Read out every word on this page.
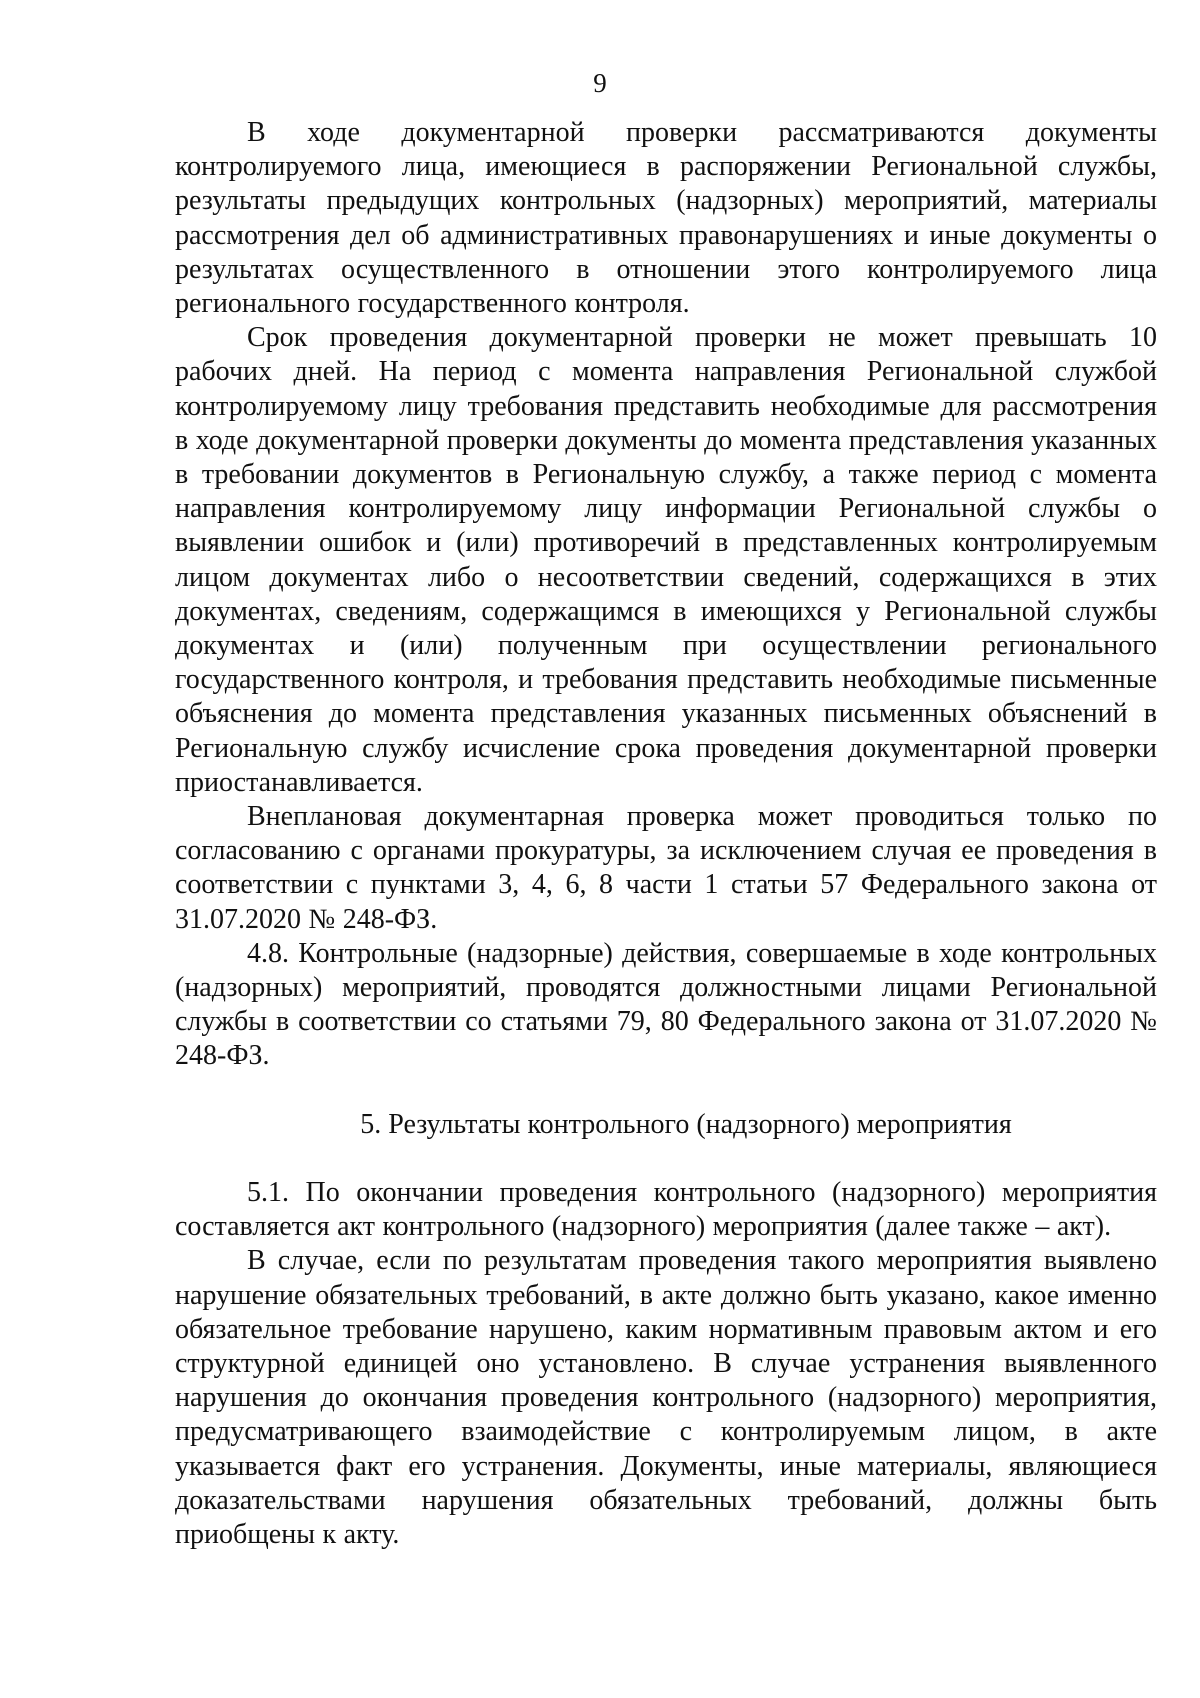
9

В ходе документарной проверки рассматриваются документы контролируемого лица, имеющиеся в распоряжении Региональной службы, результаты предыдущих контрольных (надзорных) мероприятий, материалы рассмотрения дел об административных правонарушениях и иные документы о результатах осуществленного в отношении этого контролируемого лица регионального государственного контроля.

Срок проведения документарной проверки не может превышать 10 рабочих дней. На период с момента направления Региональной службой контролируемому лицу требования представить необходимые для рассмотрения в ходе документарной проверки документы до момента представления указанных в требовании документов в Региональную службу, а также период с момента направления контролируемому лицу информации Региональной службы о выявлении ошибок и (или) противоречий в представленных контролируемым лицом документах либо о несоответствии сведений, содержащихся в этих документах, сведениям, содержащимся в имеющихся у Региональной службы документах и (или) полученным при осуществлении регионального государственного контроля, и требования представить необходимые письменные объяснения до момента представления указанных письменных объяснений в Региональную службу исчисление срока проведения документарной проверки приостанавливается.

Внеплановая документарная проверка может проводиться только по согласованию с органами прокуратуры, за исключением случая ее проведения в соответствии с пунктами 3, 4, 6, 8 части 1 статьи 57 Федерального закона от 31.07.2020 № 248-ФЗ.

4.8. Контрольные (надзорные) действия, совершаемые в ходе контрольных (надзорных) мероприятий, проводятся должностными лицами Региональной службы в соответствии со статьями 79, 80 Федерального закона от 31.07.2020 № 248-ФЗ.

5. Результаты контрольного (надзорного) мероприятия

5.1. По окончании проведения контрольного (надзорного) мероприятия составляется акт контрольного (надзорного) мероприятия (далее также – акт).

В случае, если по результатам проведения такого мероприятия выявлено нарушение обязательных требований, в акте должно быть указано, какое именно обязательное требование нарушено, каким нормативным правовым актом и его структурной единицей оно установлено. В случае устранения выявленного нарушения до окончания проведения контрольного (надзорного) мероприятия, предусматривающего взаимодействие с контролируемым лицом, в акте указывается факт его устранения. Документы, иные материалы, являющиеся доказательствами нарушения обязательных требований, должны быть приобщены к акту.
